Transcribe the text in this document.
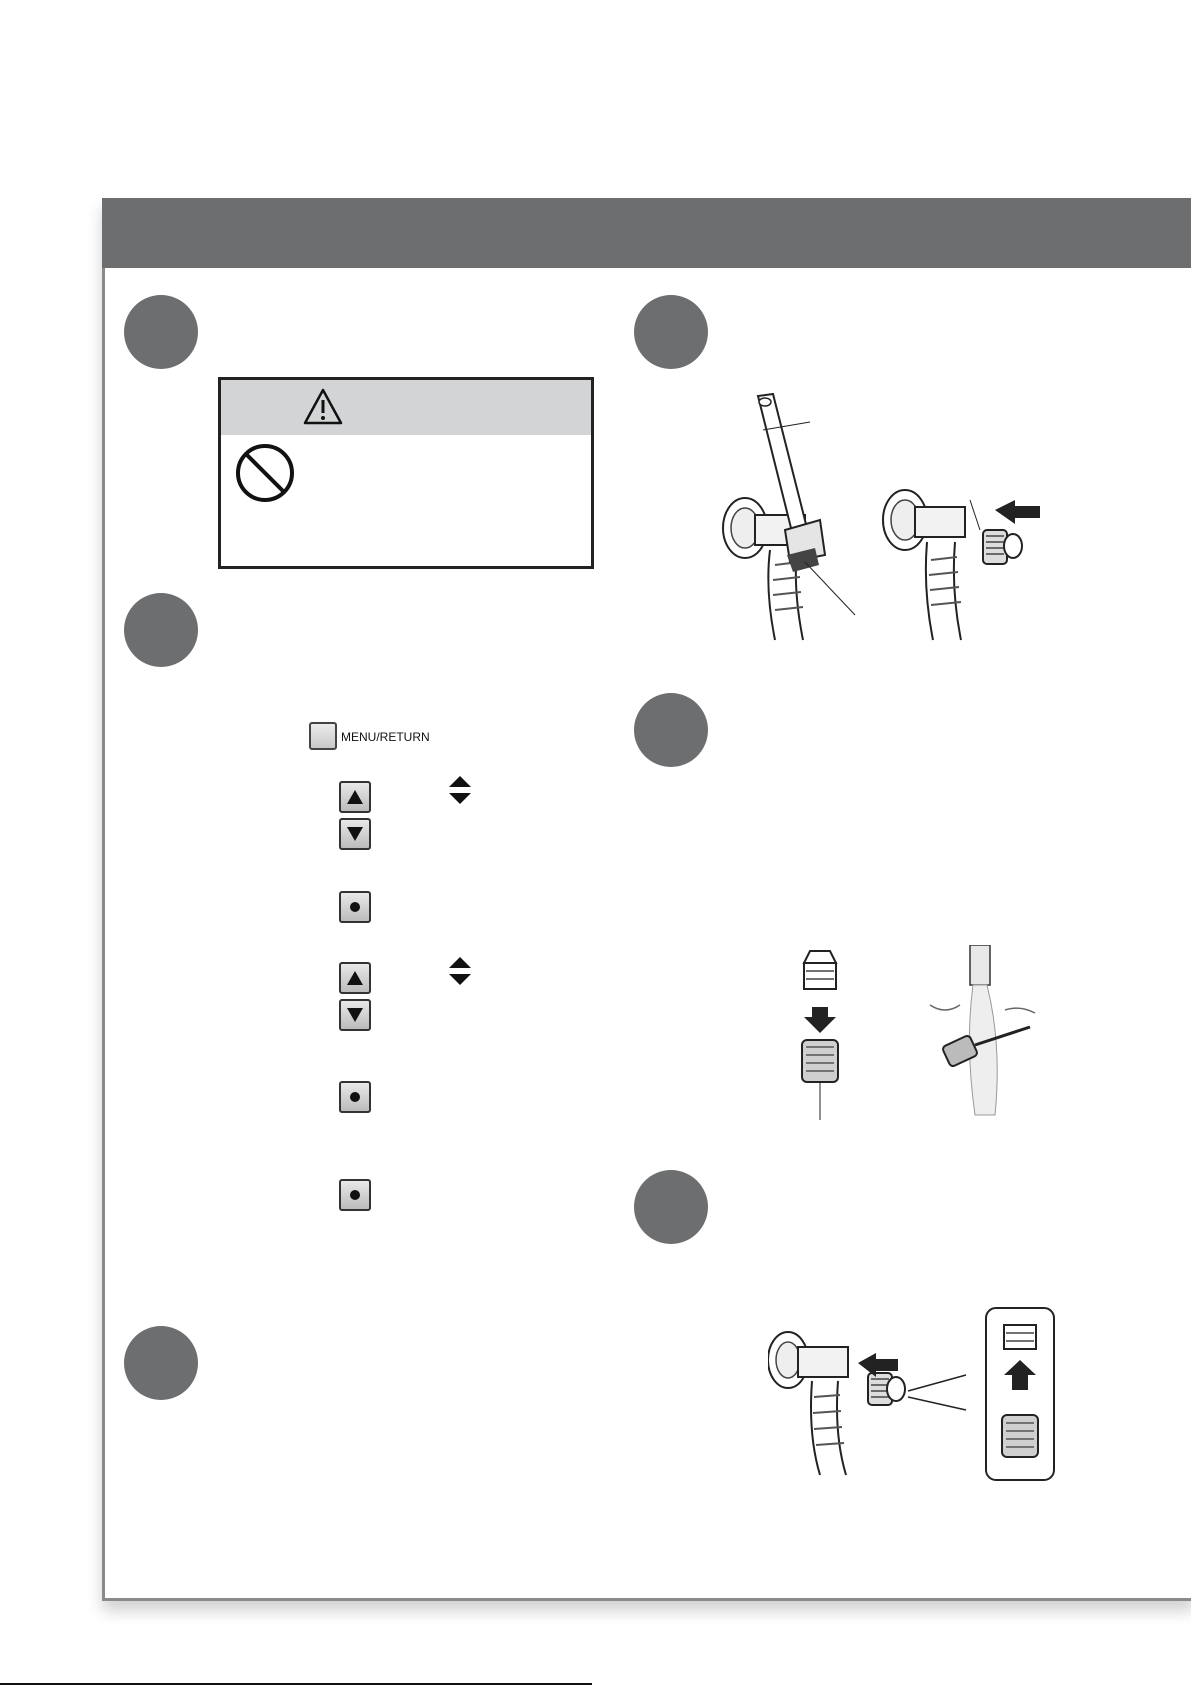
MENU/RETURN
